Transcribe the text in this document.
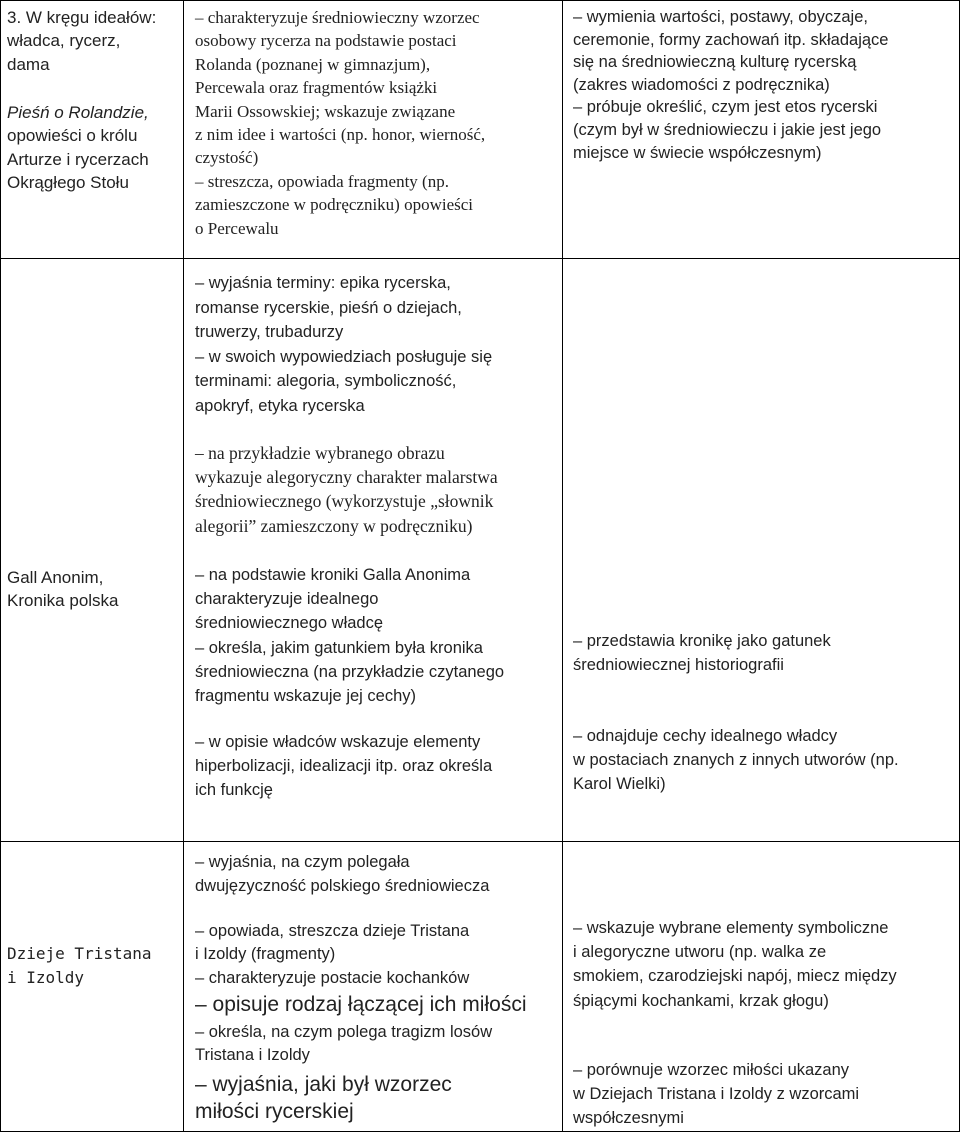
3. W kręgu ideałów:
władca, rycerz,
dama
Pieśń o Rolandzie,
opowieści o królu
Arturze i rycerzach
Okrągłego Stołu
– charakteryzuje średniowieczny wzorzec
osobowy rycerza na podstawie postaci
Rolanda (poznanej w gimnazjum),
Percewala oraz fragmentów książki
Marii Ossowskiej; wskazuje związane
z nim idee i wartości (np. honor, wierność,
czystość)
– streszcza, opowiada fragmenty (np.
zamieszczone w podręczniku) opowieści
o Percewalu
– wyjaśnia terminy: epika rycerska,
romanse rycerskie, pieśń o dziejach,
truwerzy, trubadurzy
– w swoich wypowiedziach posługuje się
terminami: alegoria, symboliczność,
apokryf, etyka rycerska
– na przykładzie wybranego obrazu
wykazuje alegoryczny charakter malarstwa
średniowiecznego (wykorzystuje „słownik
alegorii” zamieszczony w podręczniku)
– wymienia wartości, postawy, obyczaje,
ceremonie, formy zachowań itp. składające
się na średniowieczną kulturę rycerską
(zakres wiadomości z podręcznika)
– próbuje określić, czym jest etos rycerski
(czym był w średniowieczu i jakie jest jego
miejsce w świecie współczesnym)
Gall Anonim,
Kronika polska
– na podstawie kroniki Galla Anonima
charakteryzuje idealnego
średniowiecznego władcę
– określa, jakim gatunkiem była kronika
średniowieczna (na przykładzie czytanego
fragmentu wskazuje jej cechy)
– w opisie władców wskazuje elementy
hiperbolizacji, idealizacji itp. oraz określa
ich funkcję
– przedstawia kronikę jako gatunek
średniowiecznej historiografii
– odnajduje cechy idealnego władcy
w postaciach znanych z innych utworów (np.
Karol Wielki)
– wyjaśnia, na czym polegała
dwujęzyczność polskiego średniowiecza
Dzieje Tristana
i Izoldy
– opowiada, streszcza dzieje Tristana
i Izoldy (fragmenty)
– charakteryzuje postacie kochanków
– opisuje rodzaj łączącej ich miłości
– określa, na czym polega tragizm losów
Tristana i Izoldy
– wyjaśnia, jaki był wzorzec
miłości rycerskiej
– wskazuje wybrane elementy symboliczne
i alegoryczne utworu (np. walka ze
smokiem, czarodziejski napój, miecz między
śpiącymi kochankami, krzak głogu)
– porównuje wzorzec miłości ukazany
w Dziejach Tristana i Izoldy z wzorcami
współczesnymi
